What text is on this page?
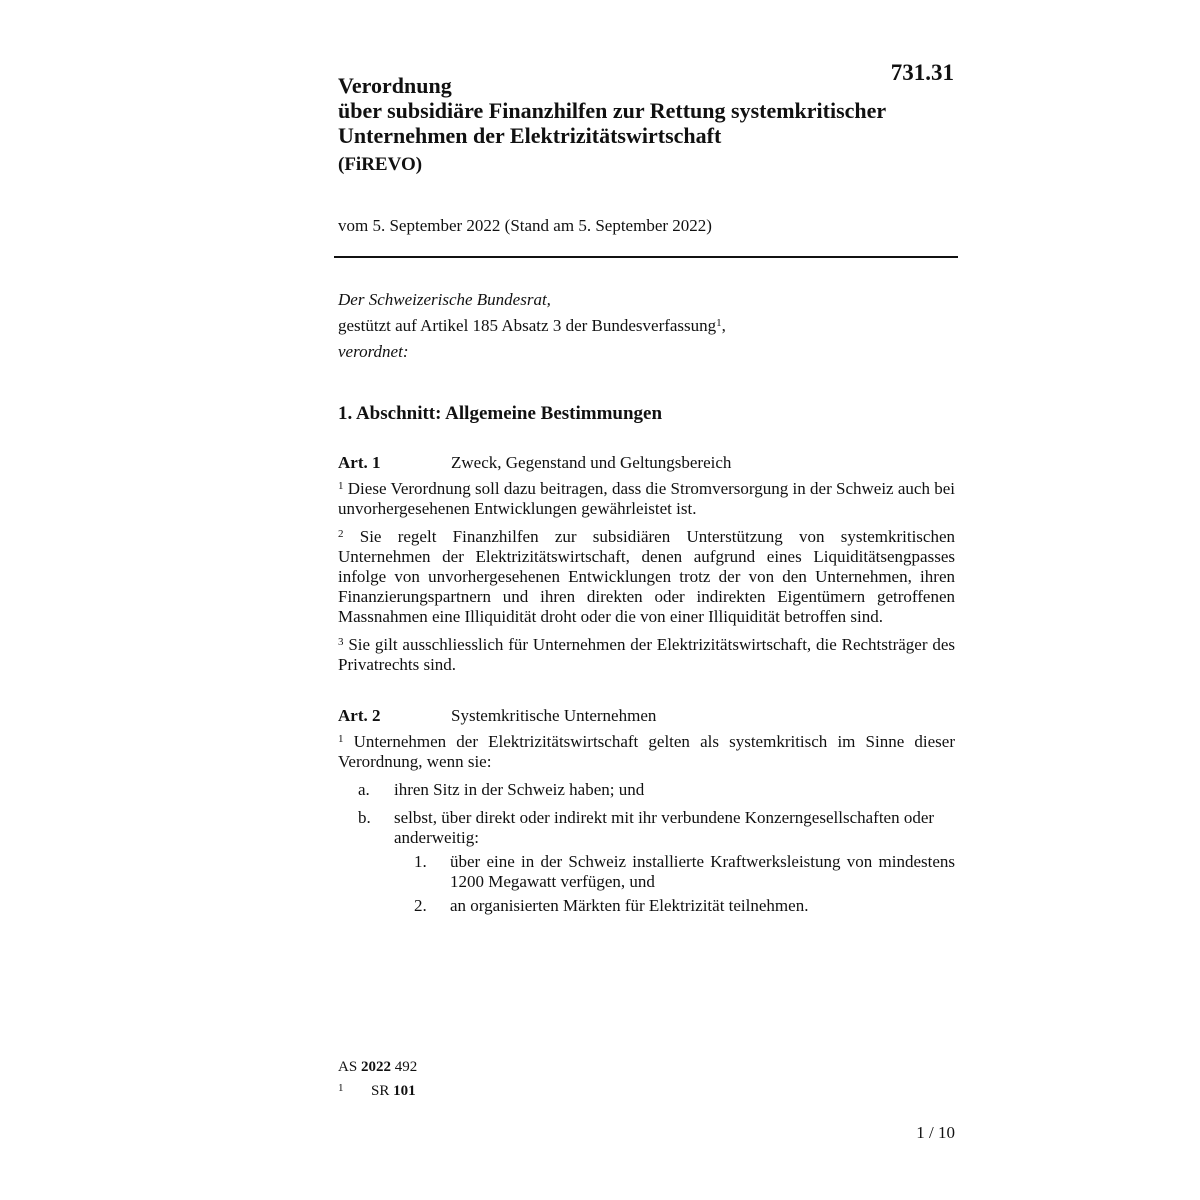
731.31
Verordnung
über subsidiäre Finanzhilfen zur Rettung systemkritischer
Unternehmen der Elektrizitätswirtschaft
(FiREVO)
vom 5. September 2022 (Stand am 5. September 2022)
Der Schweizerische Bundesrat,
gestützt auf Artikel 185 Absatz 3 der Bundesverfassung$^1$,
verordnet:
1. Abschnitt: Allgemeine Bestimmungen
Art. 1	Zweck, Gegenstand und Geltungsbereich

$^1$ Diese Verordnung soll dazu beitragen, dass die Stromversorgung in der Schweiz auch bei unvorhergesehenen Entwicklungen gewährleistet ist.

$^2$ Sie regelt Finanzhilfen zur subsidiären Unterstützung von systemkritischen Unternehmen der Elektrizitätswirtschaft, denen aufgrund eines Liquiditätsengpasses infolge von unvorhergesehenen Entwicklungen trotz der von den Unternehmen, ihren Finanzierungspartnern und ihren direkten oder indirekten Eigentümern getroffenen Massnahmen eine Illiquidität droht oder die von einer Illiquidität betroffen sind.

$^3$ Sie gilt ausschliesslich für Unternehmen der Elektrizitätswirtschaft, die Rechtsträger des Privatrechts sind.

Art. 2	Systemkritische Unternehmen

$^1$ Unternehmen der Elektrizitätswirtschaft gelten als systemkritisch im Sinne dieser Verordnung, wenn sie:

a.	ihren Sitz in der Schweiz haben; und
b.	selbst, über direkt oder indirekt mit ihr verbundene Konzerngesellschaften oder anderweitig:
1.	über eine in der Schweiz installierte Kraftwerksleistung von mindestens 1200 Megawatt verfügen, und
2.	an organisierten Märkten für Elektrizität teilnehmen.
AS 2022 492
1 SR 101
1 / 10
